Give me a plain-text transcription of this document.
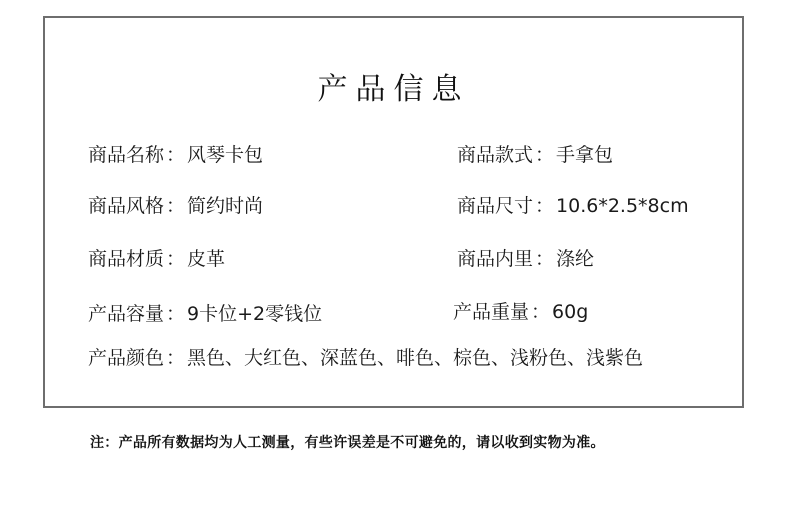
产品信息
商品名称 ： 风琴卡包	商品款式 ： 手拿包
商品风格 ： 简约时尚	商品尺寸 ： 10.6*2.5*8cm
商品材质 ： 皮革	商品内里 ： 涤纶
产品容量 ： 9卡位+2零钱位	产品重量 ： 60g
产品颜色 ： 黑色、大红色、深蓝色、啡色、棕色、浅粉色、浅紫色
注：产品所有数据均为人工测量，有些许误差是不可避免的，请以收到实物为准。
